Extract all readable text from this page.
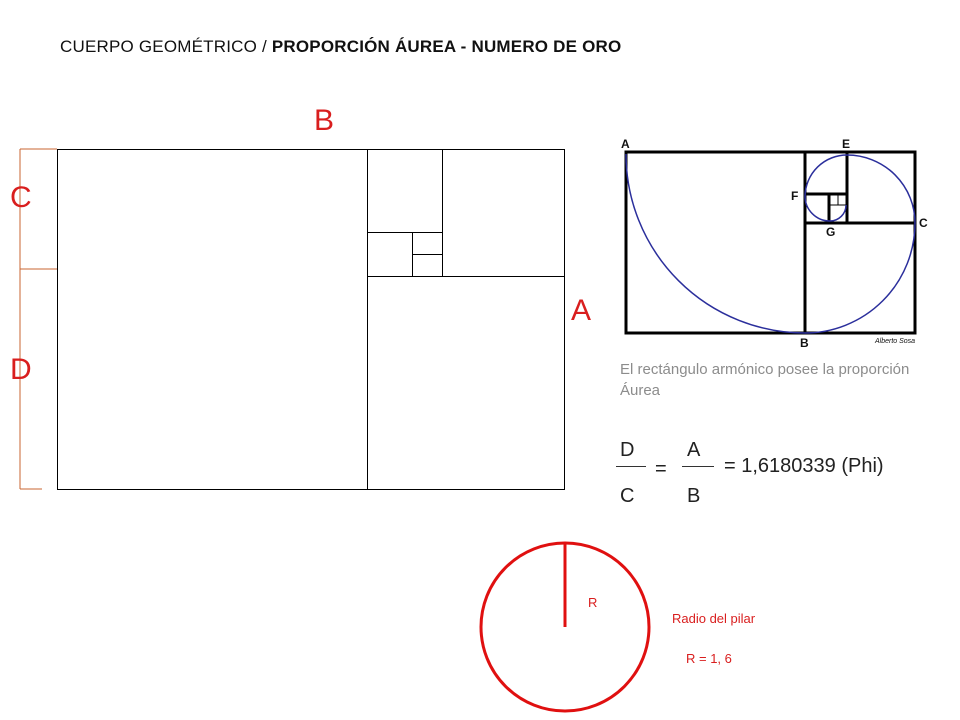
CUERPO GEOMÉTRICO / PROPORCIÓN ÁUREA - NUMERO DE ORO
B
C
D
A
A	E
F
G
C
B	Alberto Sosa
El rectángulo armónico posee la proporción Áurea
D
C
=
A
B
= 1,6180339 (Phi)
R
Radio del pilar
R = 1, 6
